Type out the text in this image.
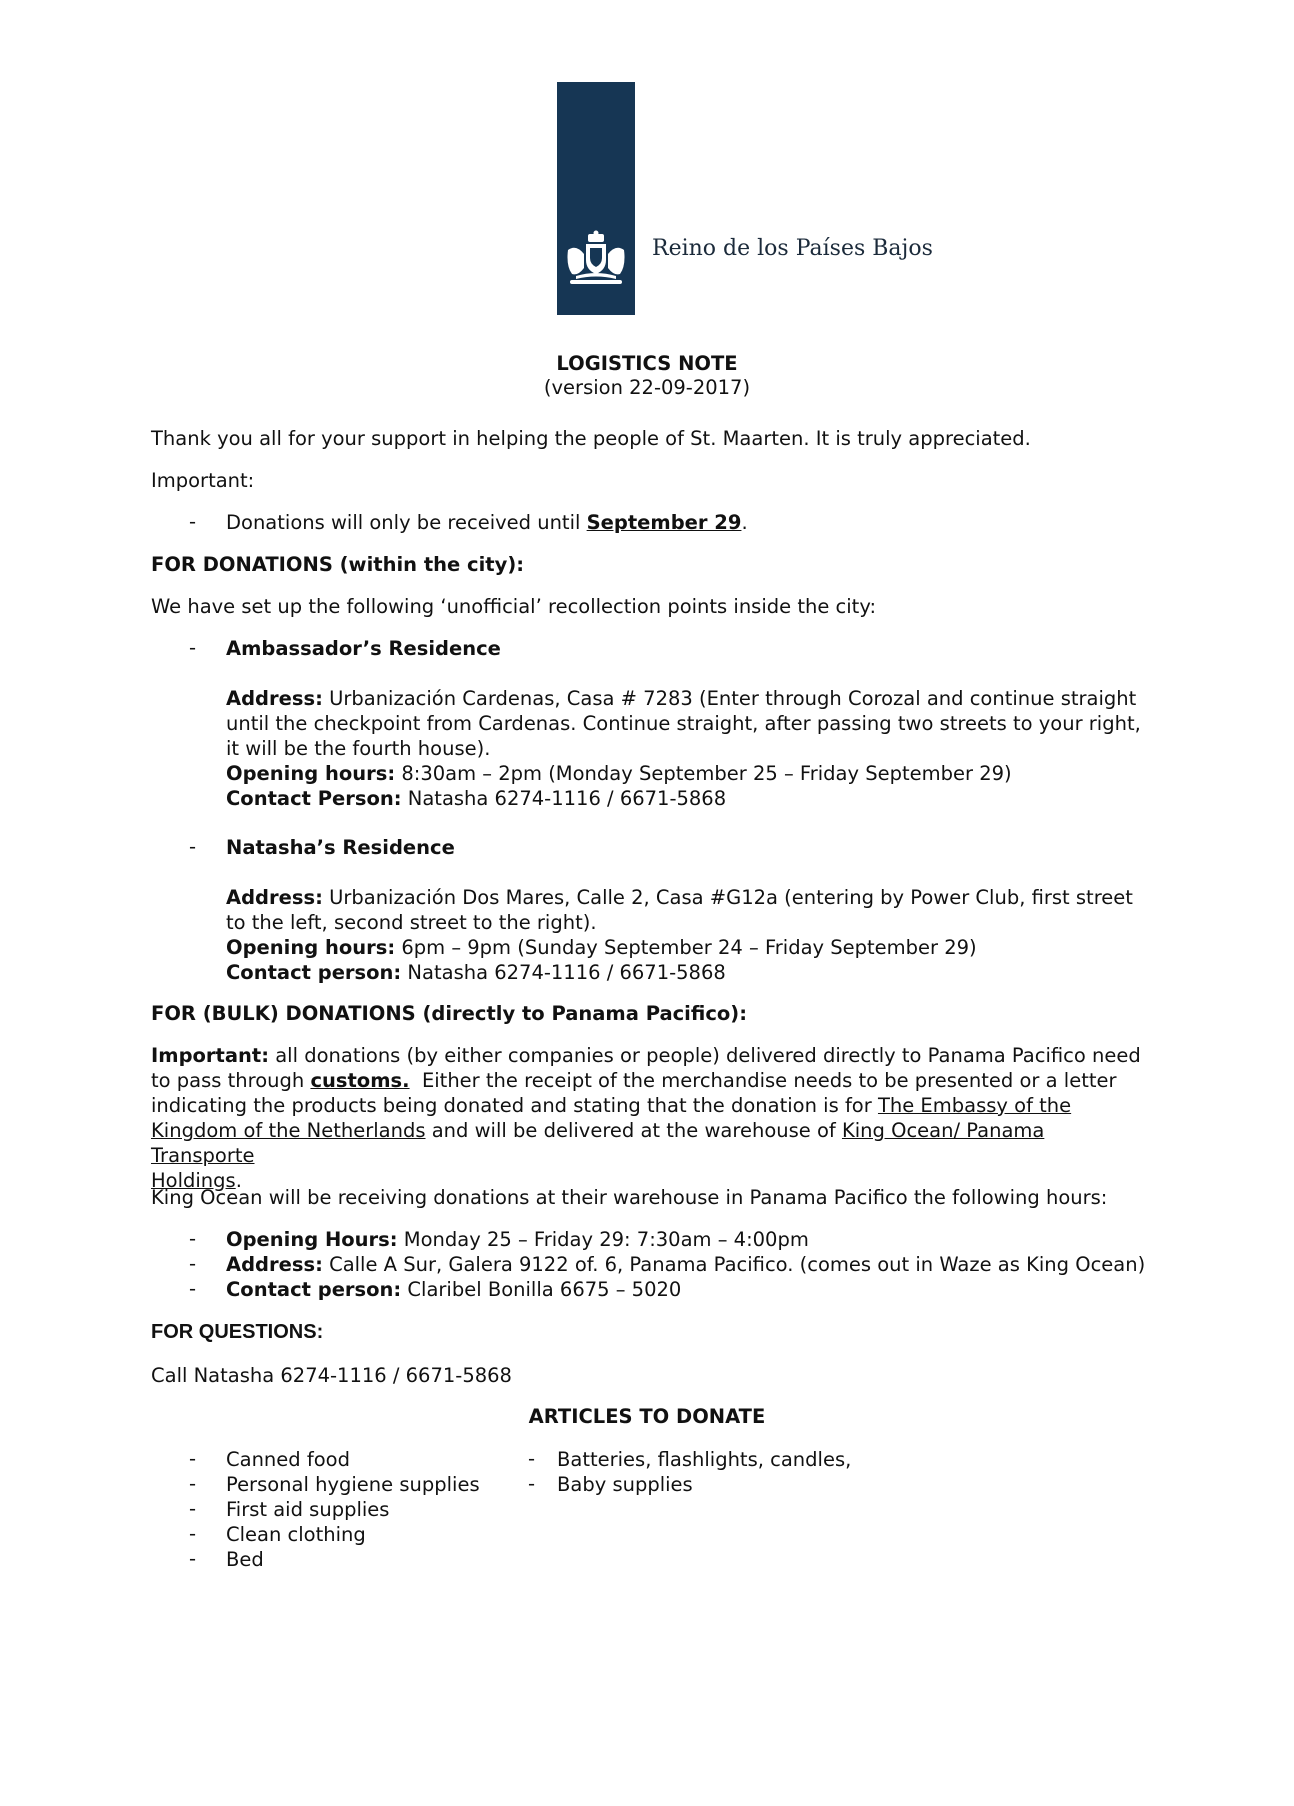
Reino de los Países Bajos
LOGISTICS NOTE
(version 22-09-2017)
Thank you all for your support in helping the people of St. Maarten. It is truly appreciated.
Important:
- Donations will only be received until September 29.
FOR DONATIONS (within the city):
We have set up the following ‘unofficial’ recollection points inside the city:
- Ambassador’s Residence
Address: Urbanización Cardenas, Casa # 7283 (Enter through Corozal and continue straight
until the checkpoint from Cardenas. Continue straight, after passing two streets to your right,
it will be the fourth house).
Opening hours: 8:30am – 2pm (Monday September 25 – Friday September 29)
Contact Person: Natasha 6274-1116 / 6671-5868
- Natasha’s Residence
Address: Urbanización Dos Mares, Calle 2, Casa #G12a (entering by Power Club, first street
to the left, second street to the right).
Opening hours: 6pm – 9pm (Sunday September 24 – Friday September 29)
Contact person: Natasha 6274-1116 / 6671-5868
FOR (BULK) DONATIONS (directly to Panama Pacifico):
Important: all donations (by either companies or people) delivered directly to Panama Pacifico need
to pass through customs.  Either the receipt of the merchandise needs to be presented or a letter
indicating the products being donated and stating that the donation is for The Embassy of the
Kingdom of the Netherlands and will be delivered at the warehouse of King Ocean/ Panama Transporte
Holdings.
King Ocean will be receiving donations at their warehouse in Panama Pacifico the following hours:
- Opening Hours: Monday 25 – Friday 29: 7:30am – 4:00pm
- Address: Calle A Sur, Galera 9122 of. 6, Panama Pacifico. (comes out in Waze as King Ocean)
- Contact person: Claribel Bonilla 6675 – 5020
FOR QUESTIONS:
Call Natasha 6274-1116 / 6671-5868
ARTICLES TO DONATE
- Canned food
- Personal hygiene supplies
- First aid supplies
- Clean clothing
- Bed
- Batteries, flashlights, candles,
- Baby supplies
